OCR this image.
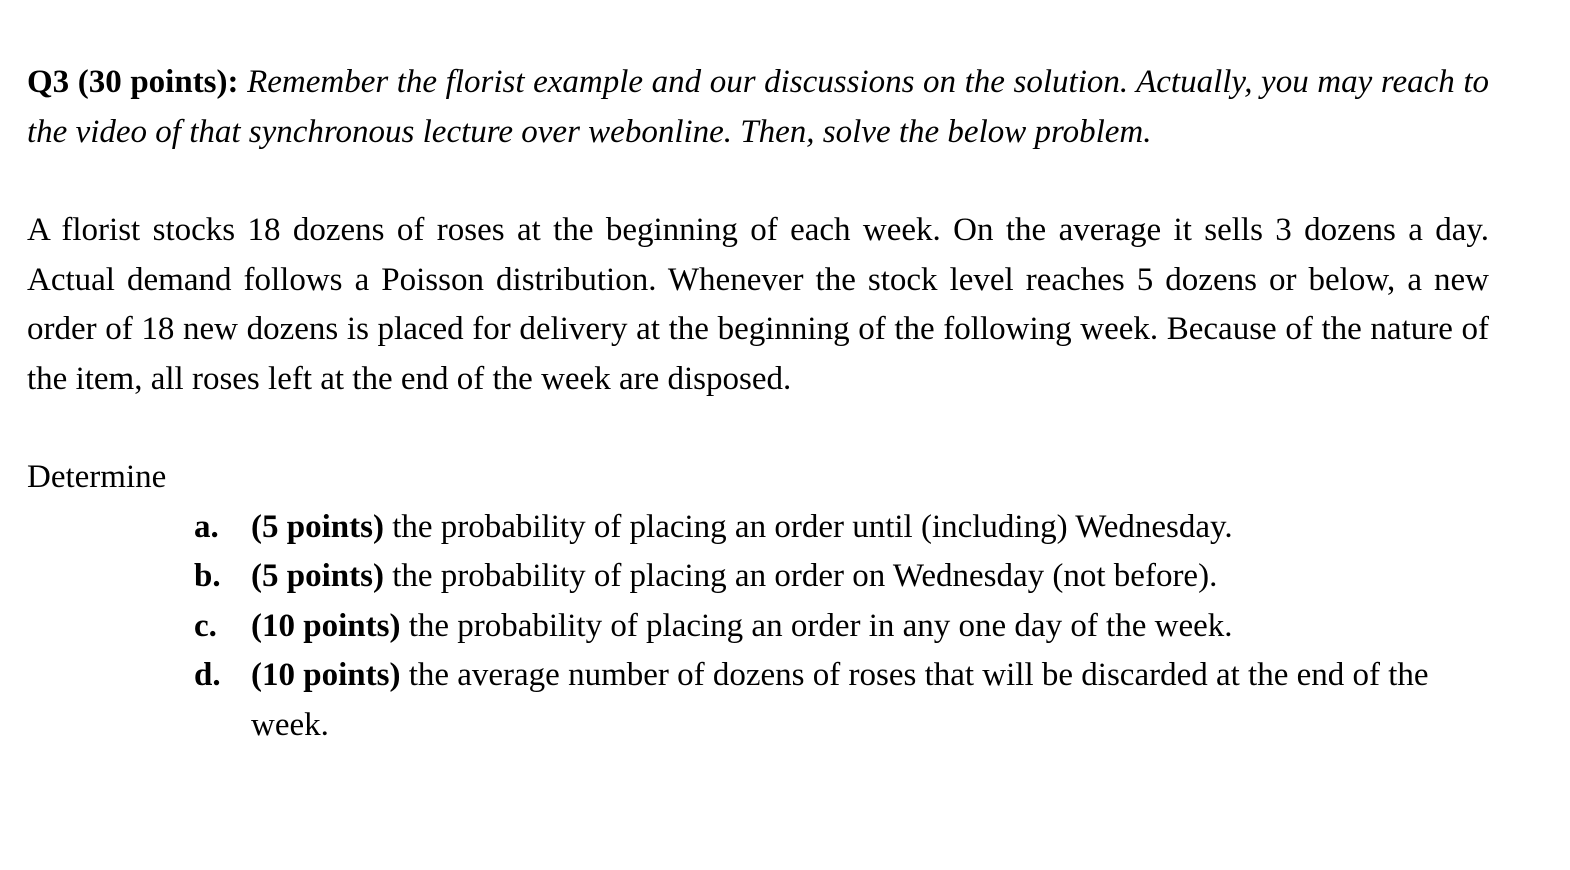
Q3 (30 points): Remember the florist example and our discussions on the solution. Actually, you may reach to the video of that synchronous lecture over webonline. Then, solve the below problem.

A florist stocks 18 dozens of roses at the beginning of each week. On the average it sells 3 dozens a day. Actual demand follows a Poisson distribution. Whenever the stock level reaches 5 dozens or below, a new order of 18 new dozens is placed for delivery at the beginning of the following week. Because of the nature of the item, all roses left at the end of the week are disposed.

Determine

a. (5 points) the probability of placing an order until (including) Wednesday.
b. (5 points) the probability of placing an order on Wednesday (not before).
c.	(10 points) the probability of placing an order in any one day of the week.
d. (10 points) the average number of dozens of roses that will be discarded at the end of the week.
